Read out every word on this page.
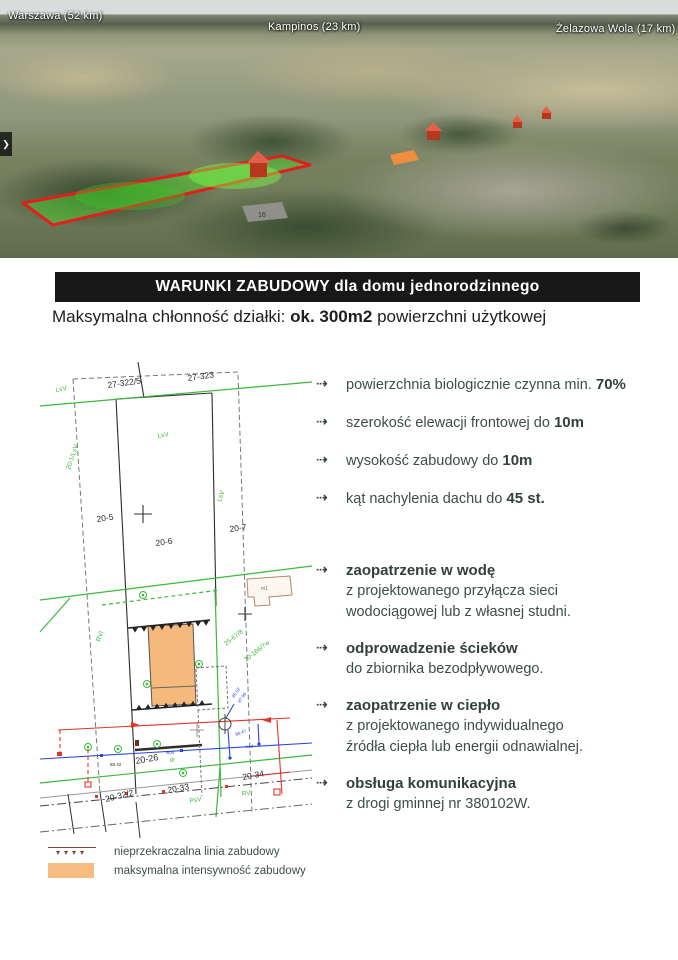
16
Warszawa (52 km)
Kampinos (23 km)	Żelazowa Wola (17 km)
❯
WARUNKI ZABUDOWY dla domu jednorodzinnego
Maksymalna chłonność działki: ok. 300m2 powierzchni użytkowej
m1
27-322/5	27-323
20-5
20-6
20-7
20-26
20-32/2	20-33
20-34
89.42
LsV
20-1/LsV
LsV
LsV
RVI	25-67/8
20-166/7w
dr
PsV
RV
85.02
87.96
86.47
wod
wod
⇢	powierzchnia biologicznie czynna min. 70%
⇢	szerokość elewacji frontowej do 10m
⇢	wysokość zabudowy do 10m
⇢	kąt nachylenia dachu do 45 st.
⇢	zaopatrzenie w wodę
z projektowanego przyłącza sieci
wodociągowej lub z własnej studni.
⇢	odprowadzenie ścieków
do zbiornika bezodpływowego.
⇢	zaopatrzenie w ciepło
z projektowanego indywidualnego
źródła ciepła lub energii odnawialnej.
⇢	obsługa komunikacyjna
z drogi gminnej nr 380102W.
▾▾▾▾	nieprzekraczalna linia zabudowy
maksymalna intensywność zabudowy
